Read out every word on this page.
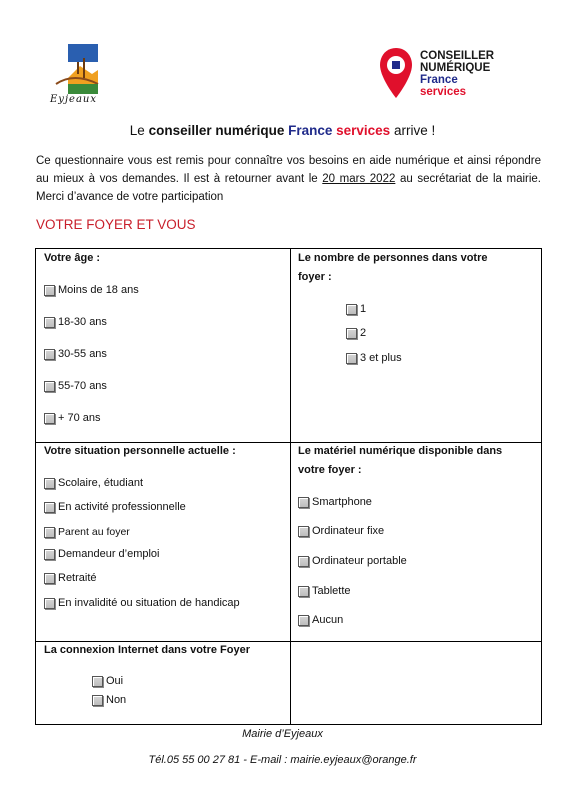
Eyjeaux
CONSEILLER
NUMÉRIQUE
France
services
Le conseiller numérique France services arrive !
Ce questionnaire vous est remis pour connaître vos besoins en aide numérique et ainsi répondre au mieux à vos demandes. Il est à retourner avant le 20 mars 2022 au secrétariat de la mairie. Merci d’avance de votre participation
VOTRE FOYER ET VOUS
Votre âge :
Moins de 18 ans
18-30 ans
30-55 ans
55-70 ans
+ 70 ans
Le nombre de personnes dans votre
foyer :
1
2
3 et plus
Votre situation personnelle actuelle :
Scolaire, étudiant
En activité professionnelle
Parent au foyer
Demandeur d’emploi
Retraité
En invalidité ou situation de handicap
Le matériel numérique disponible dans
votre foyer :
Smartphone
Ordinateur fixe
Ordinateur portable
Tablette
Aucun
La connexion Internet dans votre Foyer
Oui
Non
Mairie d’Eyjeaux
Tél.05 55 00 27 81 - E-mail : mairie.eyjeaux@orange.fr
